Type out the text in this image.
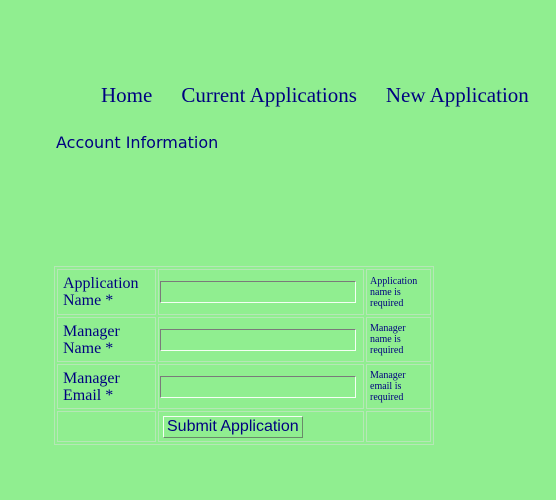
Home Current Applications New Application
Account Information
Application
Name *		Application
name is
required
Manager
Name *		Manager
name is
required
Manager
Email *		Manager
email is
required
	Submit Application	
